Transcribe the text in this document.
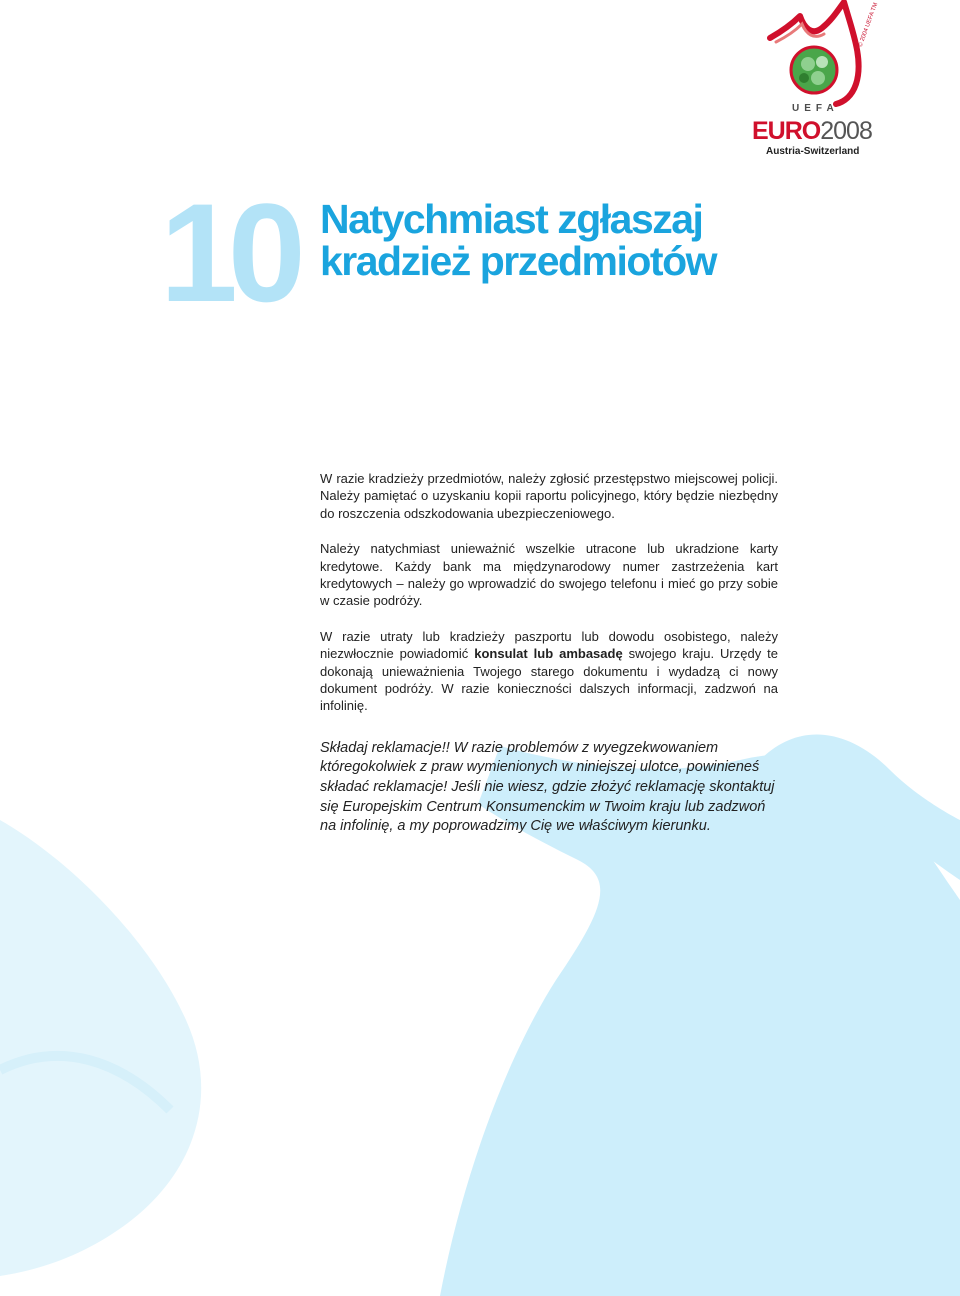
© 2004 UEFA TM
UEFA
EURO2008
Austria-Switzerland
10 Natychmiast zgłaszaj
kradzież przedmiotów

W razie kradzieży przedmiotów, należy zgłosić przestępstwo miejscowej policji. Należy pamiętać o uzyskaniu kopii raportu policyjnego, który będzie niezbędny do roszczenia odszkodowania ubezpieczeniowego.

Należy natychmiast unieważnić wszelkie utracone lub ukradzione karty kredytowe. Każdy bank ma międzynarodowy numer zastrzeżenia kart kredytowych – należy go wprowadzić do swojego telefonu i mieć go przy sobie w czasie podróży.

W razie utraty lub kradzieży paszportu lub dowodu osobistego, należy niezwłocznie powiadomić konsulat lub ambasadę swojego kraju. Urzędy te dokonają unieważnienia Twojego starego dokumentu i wydadzą ci nowy dokument podróży. W razie konieczności dalszych informacji, zadzwoń na infolinię.

Składaj reklamacje!! W razie problemów z wyegzekwowaniem któregokolwiek z praw wymienionych w niniejszej ulotce, powinieneś składać reklamacje! Jeśli nie wiesz, gdzie złożyć reklamację skontaktuj się Europejskim Centrum Konsumenckim w Twoim kraju lub zadzwoń na infolinię, a my poprowadzimy Cię we właściwym kierunku.
